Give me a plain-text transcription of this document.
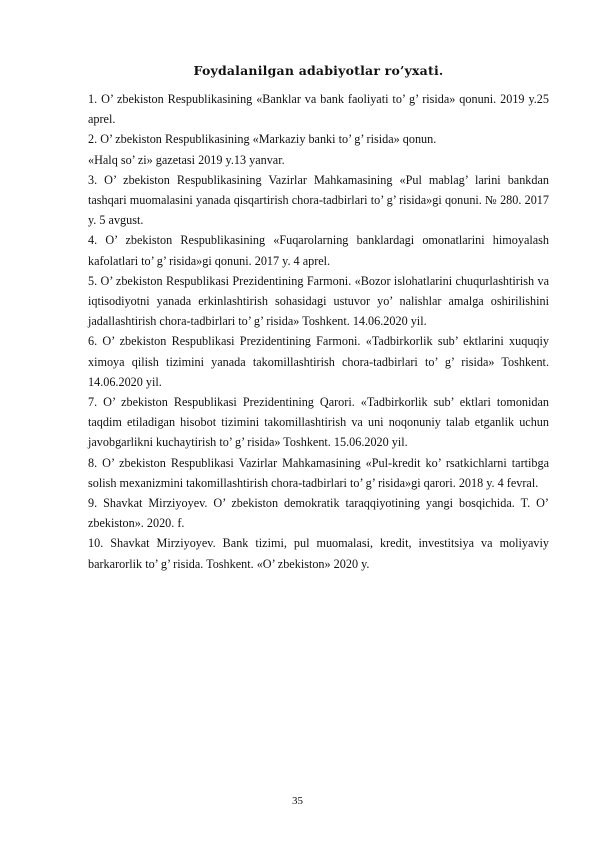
Foydalanilgan adabiyotlar ro’yxati.

1. O’ zbekiston Respublikasining «Banklar va bank faoliyati to’ g’ risida» qonuni. 2019 y.25 aprel.

2. O’ zbekiston Respublikasining «Markaziy banki to’ g’ risida» qonun.

«Halq so’ zi» gazetasi 2019 y.13 yanvar.

3. O’ zbekiston Respublikasining Vazirlar Mahkamasining «Pul mablag’ larini bankdan tashqari muomalasini yanada qisqartirish chora-tadbirlari to’ g’ risida»gi qonuni. № 280. 2017 y. 5 avgust.

4. O’ zbekiston Respublikasining «Fuqarolarning banklardagi omonatlarini himoyalash kafolatlari to’ g’ risida»gi qonuni. 2017 y. 4 aprel.

5. O’ zbekiston Respublikasi Prezidentining Farmoni. «Bozor islohatlarini chuqurlashtirish va iqtisodiyotni yanada erkinlashtirish sohasidagi ustuvor yo’ nalishlar amalga oshirilishini jadallashtirish chora-tadbirlari to’ g’ risida» Toshkent. 14.06.2020 yil.

6. O’ zbekiston Respublikasi Prezidentining Farmoni. «Tadbirkorlik sub’ ektlarini xuquqiy ximoya qilish tizimini yanada takomillashtirish chora-tadbirlari to’ g’ risida» Toshkent. 14.06.2020 yil.

7. O’ zbekiston Respublikasi Prezidentining Qarori. «Tadbirkorlik sub’ ektlari tomonidan taqdim etiladigan hisobot tizimini takomillashtirish va uni noqonuniy talab etganlik uchun javobgarlikni kuchaytirish to’ g’ risida» Toshkent. 15.06.2020 yil.

8. O’ zbekiston Respublikasi Vazirlar Mahkamasining «Pul-kredit ko’ rsatkichlarni tartibga solish mexanizmini takomillashtirish chora-tadbirlari to’ g’ risida»gi qarori. 2018 y. 4 fevral.

9. Shavkat Mirziyoyev. O’ zbekiston demokratik taraqqiyotining yangi bosqichida. T. O’ zbekiston». 2020. f.

10. Shavkat Mirziyoyev. Bank tizimi, pul muomalasi, kredit, investitsiya va moliyaviy barkarorlik to’ g’ risida. Toshkent. «O’ zbekiston» 2020 y.

35
